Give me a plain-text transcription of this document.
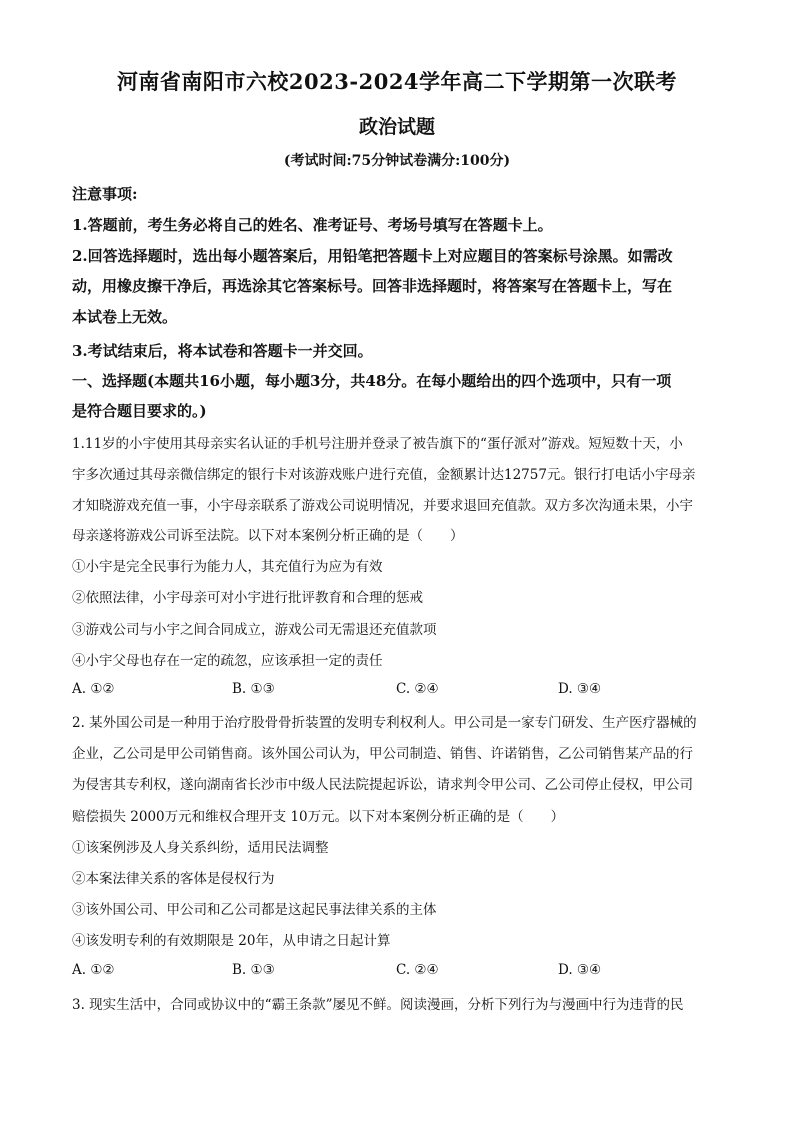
河南省南阳市六校2023-2024学年高二下学期第一次联考
政治试题
(考试时间:75分钟试卷满分:100分)
注意事项:
1.答题前，考生务必将自己的姓名、准考证号、考场号填写在答题卡上。
2.回答选择题时，选出每小题答案后，用铅笔把答题卡上对应题目的答案标号涂黑。如需改
动，用橡皮擦干净后，再选涂其它答案标号。回答非选择题时，将答案写在答题卡上，写在
本试卷上无效。
3.考试结束后，将本试卷和答题卡一并交回。
一、选择题(本题共16小题，每小题3分，共48分。在每小题给出的四个选项中，只有一项
是符合题目要求的。)
1.11岁的小宇使用其母亲实名认证的手机号注册并登录了被告旗下的“蛋仔派对”游戏。短短数十天，小
宇多次通过其母亲微信绑定的银行卡对该游戏账户进行充值，金额累计达12757元。银行打电话小宇母亲
才知晓游戏充值一事，小宇母亲联系了游戏公司说明情况，并要求退回充值款。双方多次沟通未果，小宇
母亲遂将游戏公司诉至法院。以下对本案例分析正确的是（　　）
①小宇是完全民事行为能力人，其充值行为应为有效
②依照法律，小宇母亲可对小宇进行批评教育和合理的惩戒
③游戏公司与小宇之间合同成立，游戏公司无需退还充值款项
④小宇父母也存在一定的疏忽，应该承担一定的责任
A. ①②	B. ①③	C. ②④	D. ③④
2. 某外国公司是一种用于治疗股骨骨折装置的发明专利权利人。甲公司是一家专门研发、生产医疗器械的
企业，乙公司是甲公司销售商。该外国公司认为，甲公司制造、销售、许诺销售，乙公司销售某产品的行
为侵害其专利权，遂向湖南省长沙市中级人民法院提起诉讼，请求判令甲公司、乙公司停止侵权，甲公司
赔偿损失 2000万元和维权合理开支 10万元。以下对本案例分析正确的是（　　）
①该案例涉及人身关系纠纷，适用民法调整
②本案法律关系的客体是侵权行为
③该外国公司、甲公司和乙公司都是这起民事法律关系的主体
④该发明专利的有效期限是 20年，从申请之日起计算
A. ①②	B. ①③	C. ②④	D. ③④
3. 现实生活中，合同或协议中的“霸王条款”屡见不鲜。阅读漫画，分析下列行为与漫画中行为违背的民
